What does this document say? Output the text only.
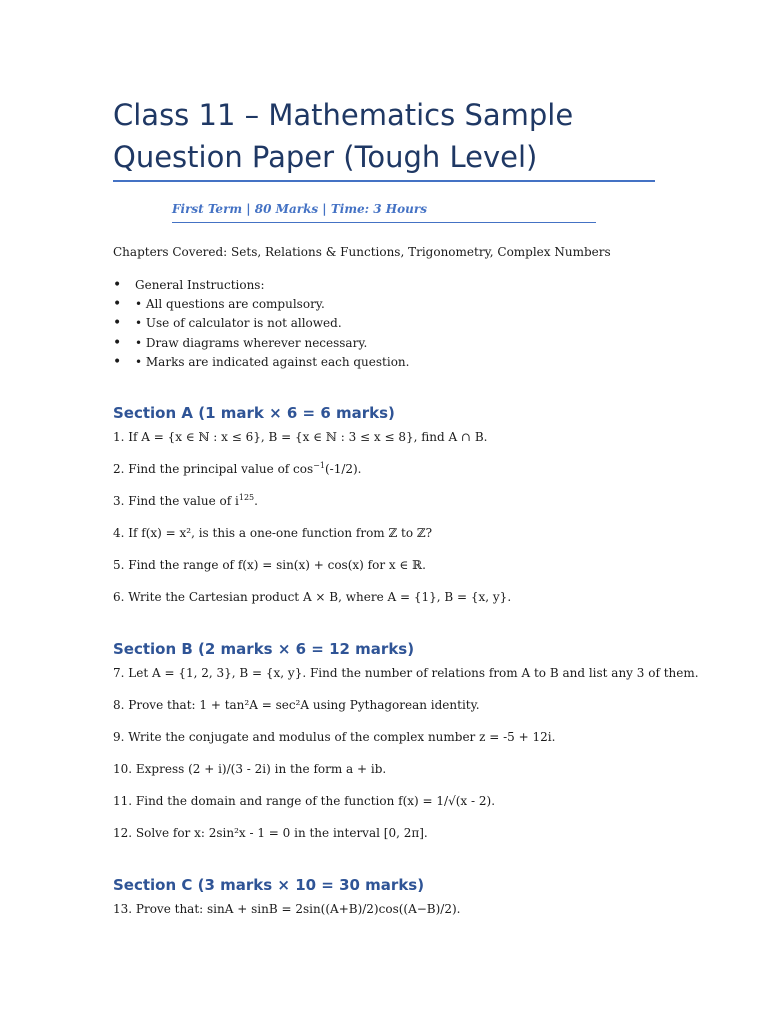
Class 11 – Mathematics Sample Question Paper (Tough Level)
First Term | 80 Marks | Time: 3 Hours
Chapters Covered: Sets, Relations & Functions, Trigonometry, Complex Numbers
• General Instructions:
• • All questions are compulsory.
• • Use of calculator is not allowed.
• • Draw diagrams wherever necessary.
• • Marks are indicated against each question.
Section A (1 mark × 6 = 6 marks)
1. If A = {x ∈ ℕ : x ≤ 6}, B = {x ∈ ℕ : 3 ≤ x ≤ 8}, find A ∩ B.
2. Find the principal value of $\cos^{-1}(-1/2)$.
3. Find the value of $i^{125}$.
4. If f(x) = x², is this a one-one function from ℤ to ℤ?
5. Find the range of f(x) = sin(x) + cos(x) for x ∈ ℝ.
6. Write the Cartesian product A × B, where A = {1}, B = {x, y}.
Section B (2 marks × 6 = 12 marks)
7. Let A = {1, 2, 3}, B = {x, y}. Find the number of relations from A to B and list any 3 of them.
8. Prove that: 1 + tan²A = sec²A using Pythagorean identity.
9. Write the conjugate and modulus of the complex number z = -5 + 12i.
10. Express (2 + i)/(3 - 2i) in the form a + ib.
11. Find the domain and range of the function f(x) = 1/√(x - 2).
12. Solve for x: 2sin²x - 1 = 0 in the interval [0, 2π].
Section C (3 marks × 10 = 30 marks)
13. Prove that: sinA + sinB = 2sin((A+B)/2)cos((A−B)/2).
